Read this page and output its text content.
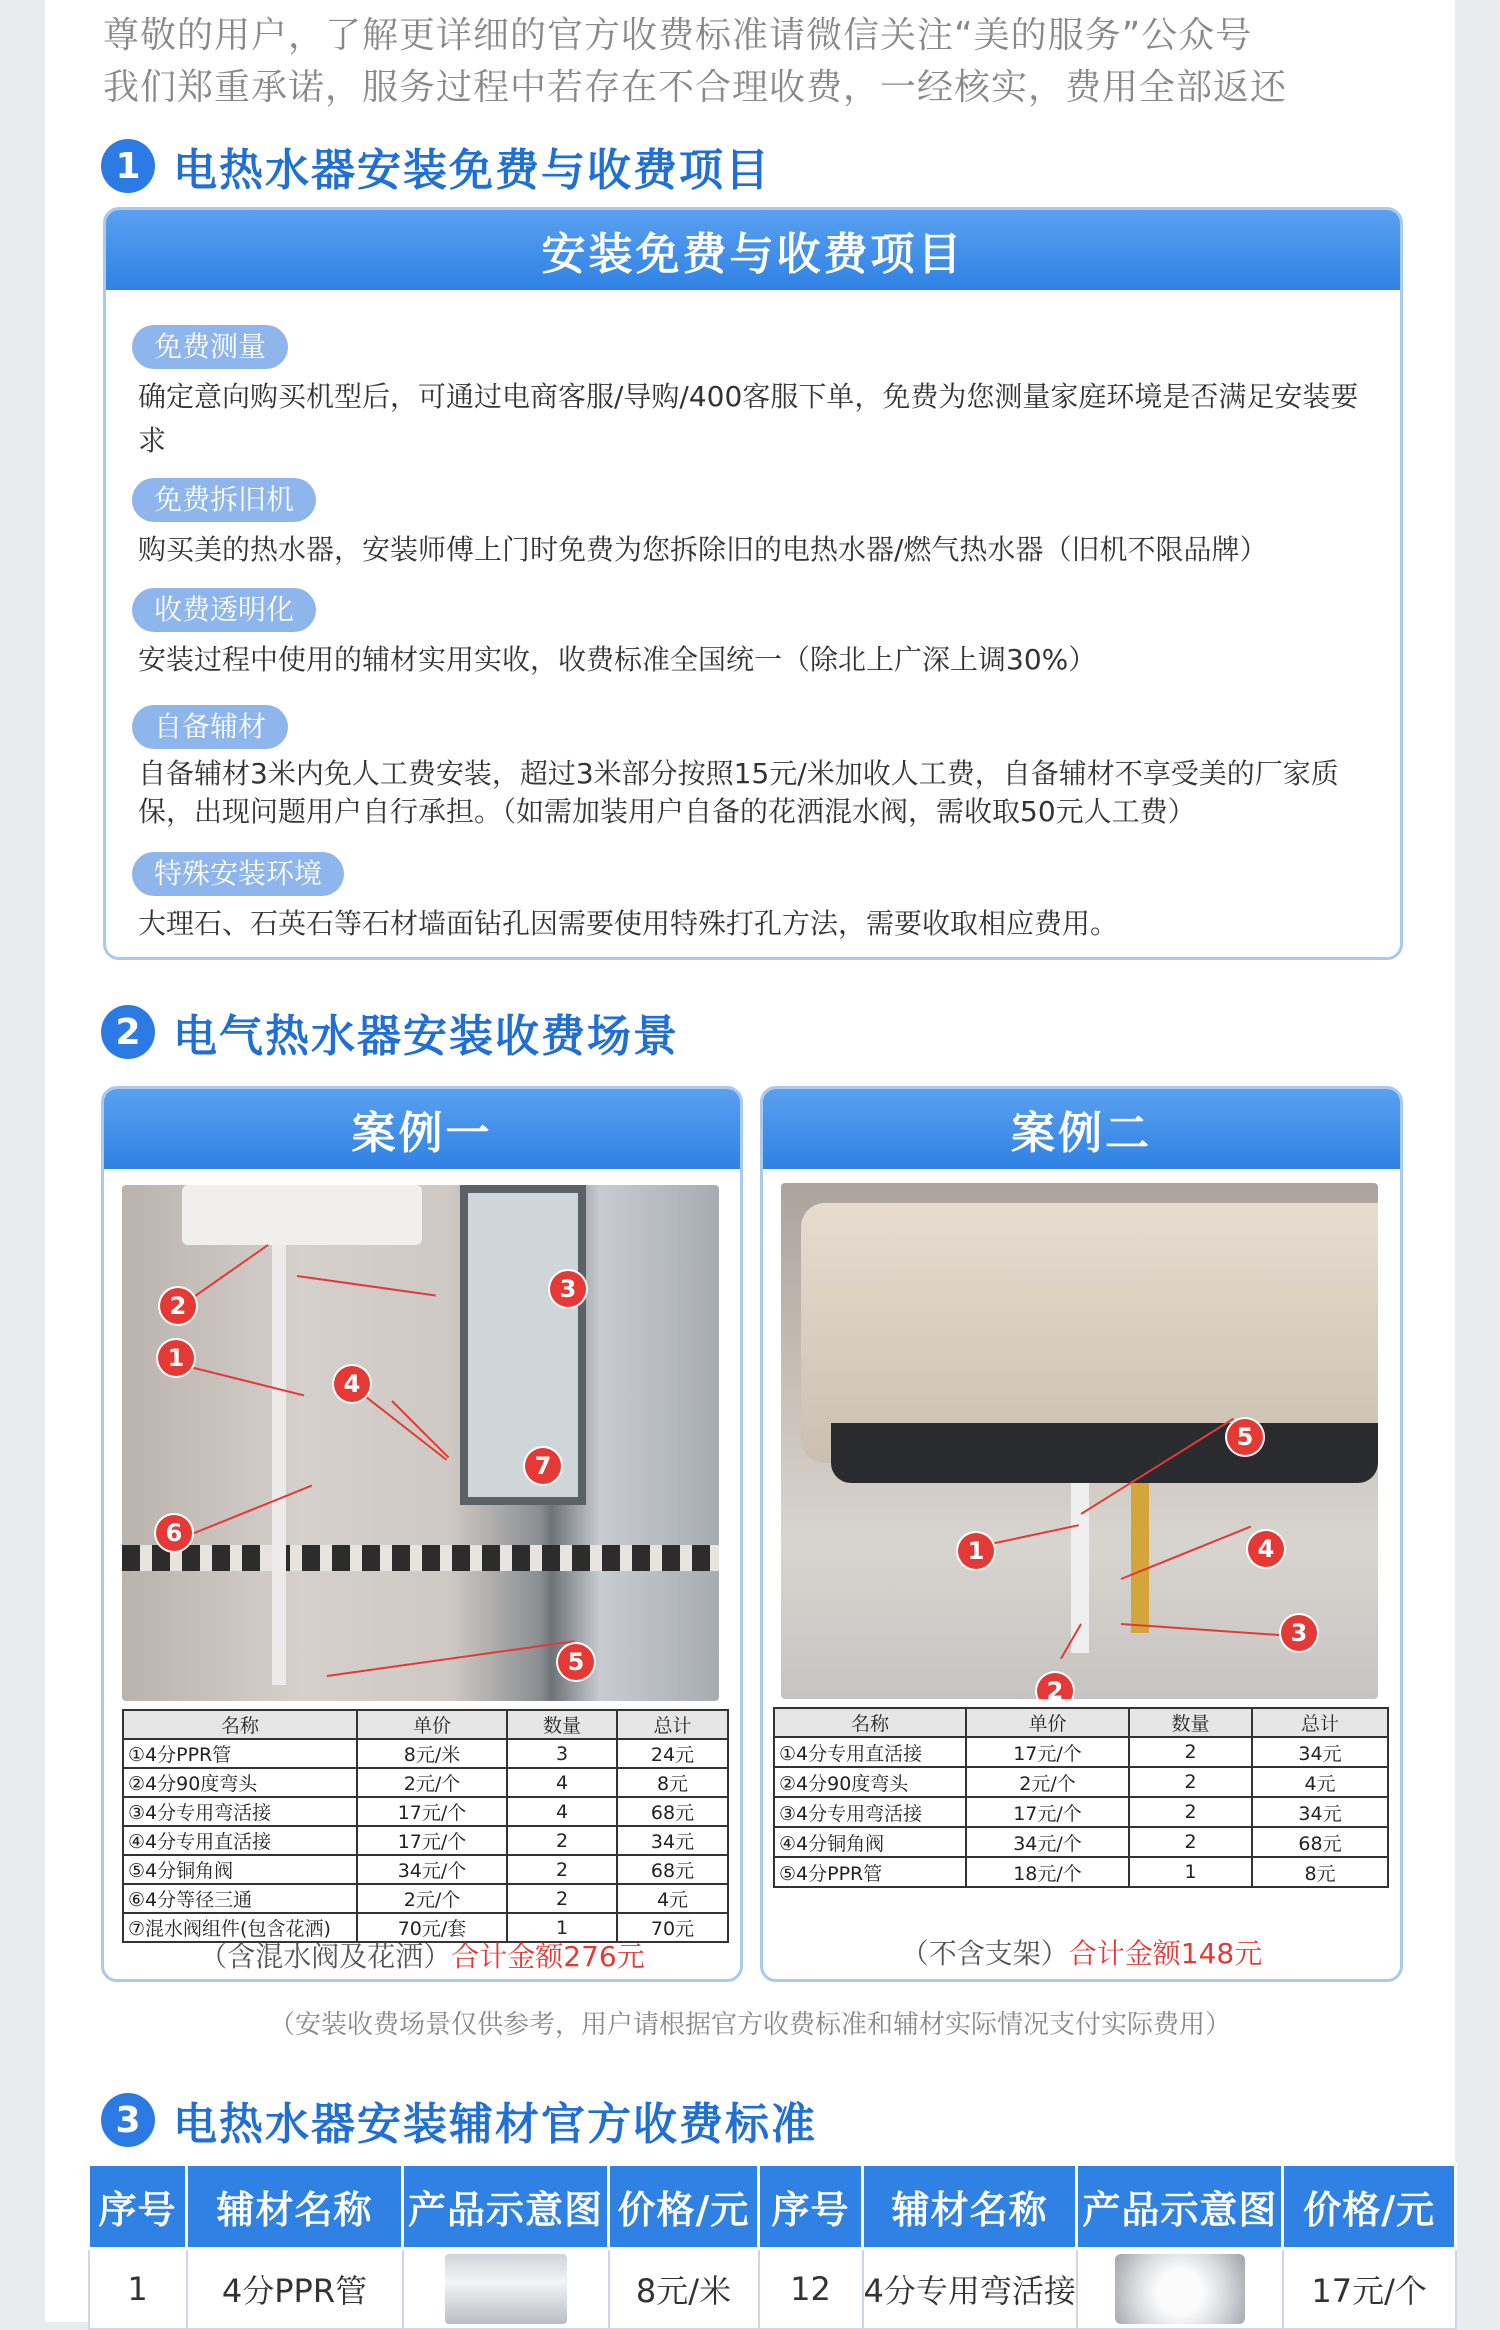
尊敬的用户，了解更详细的官方收费标准请微信关注“美的服务”公众号
我们郑重承诺，服务过程中若存在不合理收费，一经核实，费用全部返还
1 电热水器安装免费与收费项目
安装免费与收费项目
免费测量
确定意向购买机型后，可通过电商客服/导购/400客服下单，免费为您测量家庭环境是否满足安装要求
免费拆旧机
购买美的热水器，安装师傅上门时免费为您拆除旧的电热水器/燃气热水器（旧机不限品牌）
收费透明化
安装过程中使用的辅材实用实收，收费标准全国统一（除北上广深上调30%）
自备辅材
自备辅材3米内免人工费安装，超过3米部分按照15元/米加收人工费，自备辅材不享受美的厂家质保，出现问题用户自行承担。（如需加装用户自备的花洒混水阀，需收取50元人工费）
特殊安装环境
大理石、石英石等石材墙面钻孔因需要使用特殊打孔方法，需要收取相应费用。
2 电气热水器安装收费场景
案例一
1
2
3
4
5
6
7
名称	单价	数量	总计
①4分PPR管	8元/米	3	24元
②4分90度弯头	2元/个	4	8元
③4分专用弯活接	17元/个	4	68元
④4分专用直活接	17元/个	2	34元
⑤4分铜角阀	34元/个	2	68元
⑥4分等径三通	2元/个	2	4元
⑦混水阀组件(包含花洒)	70元/套	1	70元
（含混水阀及花洒）合计金额276元
案例二
1
2
3
4
5
名称	单价	数量	总计
①4分专用直活接	17元/个	2	34元
②4分90度弯头	2元/个	2	4元
③4分专用弯活接	17元/个	2	34元
④4分铜角阀	34元/个	2	68元
⑤4分PPR管	18元/个	1	8元
（不含支架）合计金额148元
（安装收费场景仅供参考，用户请根据官方收费标准和辅材实际情况支付实际费用）
3 电热水器安装辅材官方收费标准
序号	辅材名称	产品示意图	价格/元	序号	辅材名称	产品示意图	价格/元
1	4分PPR管		8元/米	12	4分专用弯活接		17元/个
